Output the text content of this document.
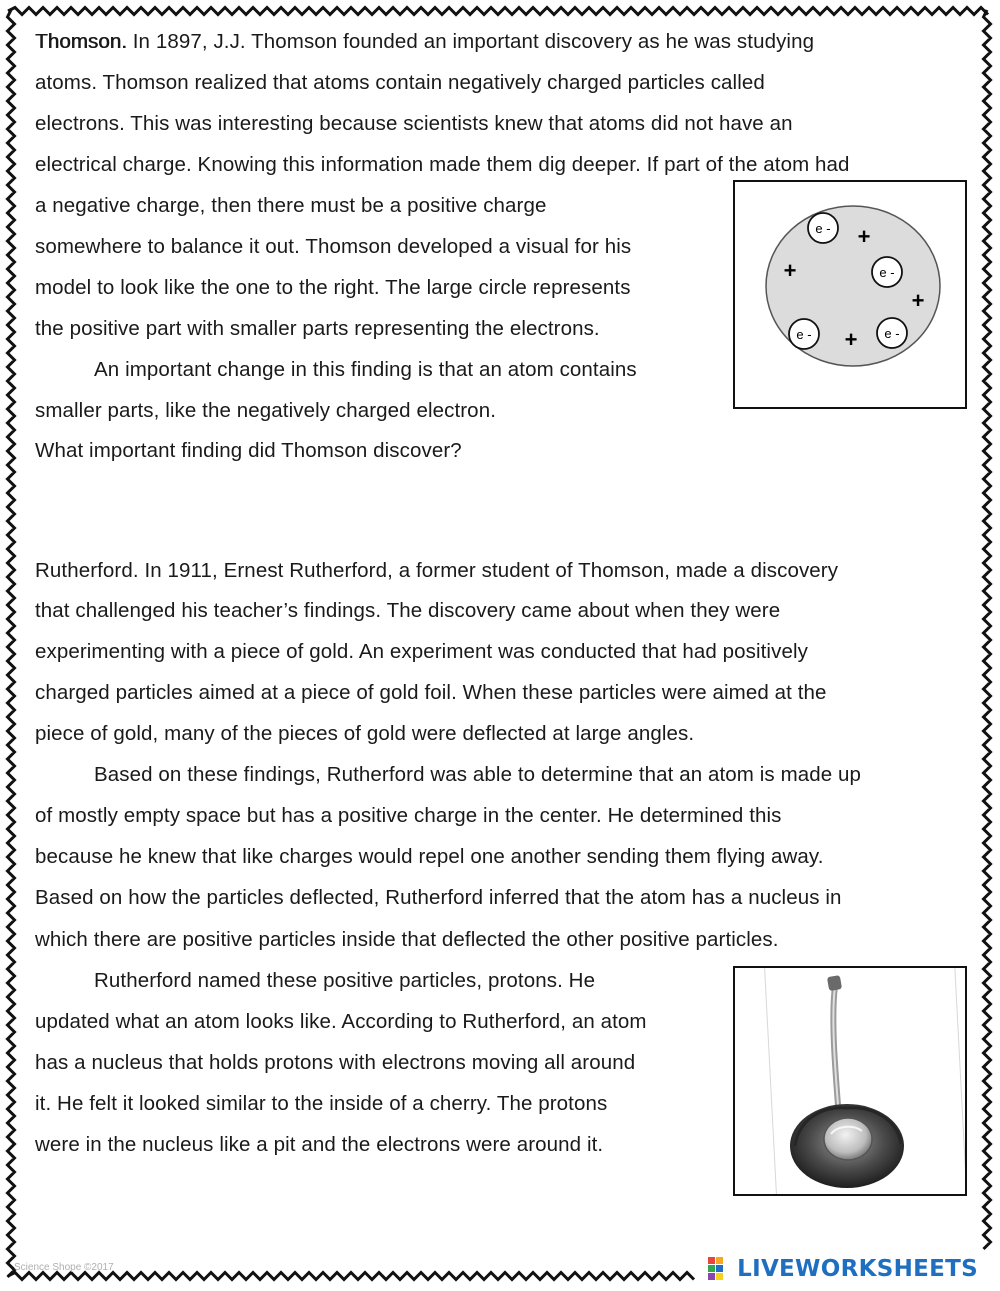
Thomson. In 1897, J.J. Thomson founded an important discovery as he was studying
atoms. Thomson realized that atoms contain negatively charged particles called
electrons. This was interesting because scientists knew that atoms did not have an
electrical charge. Knowing this information made them dig deeper. If part of the atom had
a negative charge, then there must be a positive charge
somewhere to balance it out. Thomson developed a visual for his
model to look like the one to the right. The large circle represents
the positive part with smaller parts representing the electrons.
An important change in this finding is that an atom contains
smaller parts, like the negatively charged electron.
What important finding did Thomson discover?
e -
e -
e -	e -
+
+
+
+
Rutherford. In 1911, Ernest Rutherford, a former student of Thomson, made a discovery
that challenged his teacher’s findings. The discovery came about when they were
experimenting with a piece of gold. An experiment was conducted that had positively
charged particles aimed at a piece of gold foil. When these particles were aimed at the
piece of gold, many of the pieces of gold were deflected at large angles.
Based on these findings, Rutherford was able to determine that an atom is made up
of mostly empty space but has a positive charge in the center. He determined this
because he knew that like charges would repel one another sending them flying away.
Based on how the particles deflected, Rutherford inferred that the atom has a nucleus in
which there are positive particles inside that deflected the other positive particles.
Rutherford named these positive particles, protons. He
updated what an atom looks like. According to Rutherford, an atom
has a nucleus that holds protons with electrons moving all around
it. He felt it looked similar to the inside of a cherry. The protons
were in the nucleus like a pit and the electrons were around it.
Science Shope ©2017	LIVEWORKSHEETS
